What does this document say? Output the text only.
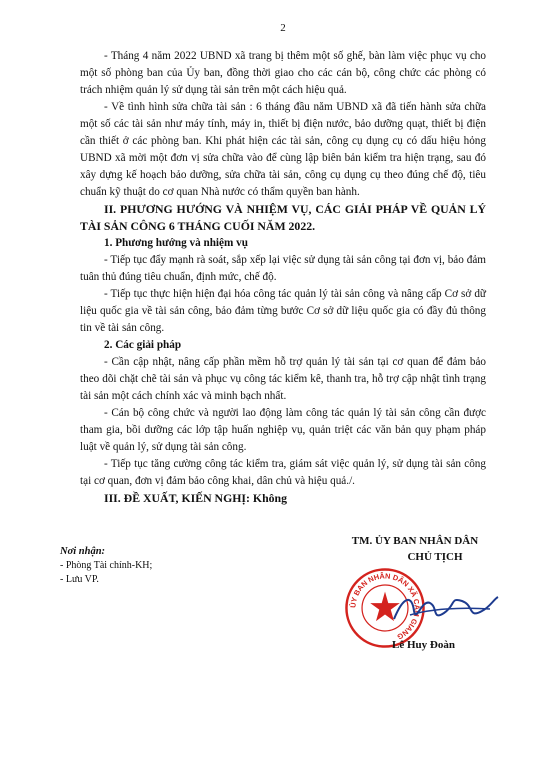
2

- Tháng 4 năm 2022 UBND xã trang bị thêm một số ghế, bàn làm việc phục vụ cho một số phòng ban của Ủy ban, đồng thời giao cho các cán bộ, công chức các phòng có trách nhiệm quản lý sử dụng tài sản trên một cách hiệu quả.

- Về tình hình sửa chữa tài sản : 6 tháng đầu năm UBND xã đã tiến hành sửa chữa một số các tài sản như máy tính, máy in, thiết bị điện nước, bảo dưỡng quạt, thiết bị điện cần thiết ở các phòng ban. Khi phát hiện các tài sản, công cụ dụng cụ có dấu hiệu hỏng UBND xã mời một đơn vị sửa chữa vào để cùng lập biên bản kiểm tra hiện trạng, sau đó xây dựng kế hoạch bảo dưỡng, sửa chữa tài sản, công cụ dụng cụ theo đúng chế độ, tiêu chuẩn kỹ thuật do cơ quan Nhà nước có thẩm quyền ban hành.

II. PHƯƠNG HƯỚNG VÀ NHIỆM VỤ, CÁC GIẢI PHÁP VỀ QUẢN LÝ TÀI SẢN CÔNG 6 THÁNG CUỐI NĂM 2022.

1. Phương hướng và nhiệm vụ

- Tiếp tục đẩy mạnh rà soát, sắp xếp lại việc sử dụng tài sản công tại đơn vị, bảo đảm tuân thủ đúng tiêu chuẩn, định mức, chế độ.

- Tiếp tục thực hiện hiện đại hóa công tác quản lý tài sản công và nâng cấp Cơ sở dữ liệu quốc gia về tài sản công, bảo đảm từng bước Cơ sở dữ liệu quốc gia có đầy đủ thông tin về tài sản công.

2. Các giải pháp

- Cần cập nhật, nâng cấp phần mềm hỗ trợ quản lý tài sản tại cơ quan để đảm bảo theo dõi chặt chẽ tài sản và phục vụ công tác kiểm kê, thanh tra, hỗ trợ cập nhật tình trạng tài sản một cách chính xác và minh bạch nhất.

- Cán bộ công chức và người lao động làm công tác quản lý tài sản công cần được tham gia, bồi dưỡng các lớp tập huấn nghiệp vụ, quản triệt các văn bản quy phạm pháp luật về quản lý, sử dụng tài sản công.

- Tiếp tục tăng cường công tác kiểm tra, giám sát việc quản lý, sử dụng tài sản công tại cơ quan, đơn vị đảm bảo công khai, dân chủ và hiệu quả./.

III. ĐỀ XUẤT, KIẾN NGHỊ: Không

Nơi nhận:
- Phòng Tài chính-KH;
- Lưu VP.
TM. ỦY BAN NHÂN DÂN
CHỦ TỊCH
ỦY BAN NHÂN DÂN XÃ CẨM GIANG
Lê Huy Đoàn
